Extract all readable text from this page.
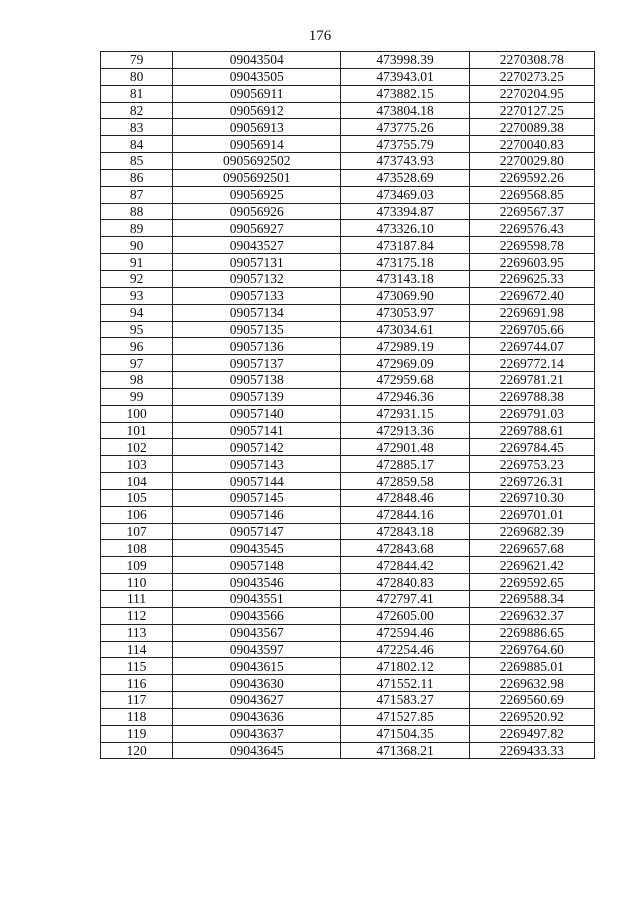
176
79	09043504	473998.39	2270308.78
80	09043505	473943.01	2270273.25
81	09056911	473882.15	2270204.95
82	09056912	473804.18	2270127.25
83	09056913	473775.26	2270089.38
84	09056914	473755.79	2270040.83
85	0905692502	473743.93	2270029.80
86	0905692501	473528.69	2269592.26
87	09056925	473469.03	2269568.85
88	09056926	473394.87	2269567.37
89	09056927	473326.10	2269576.43
90	09043527	473187.84	2269598.78
91	09057131	473175.18	2269603.95
92	09057132	473143.18	2269625.33
93	09057133	473069.90	2269672.40
94	09057134	473053.97	2269691.98
95	09057135	473034.61	2269705.66
96	09057136	472989.19	2269744.07
97	09057137	472969.09	2269772.14
98	09057138	472959.68	2269781.21
99	09057139	472946.36	2269788.38
100	09057140	472931.15	2269791.03
101	09057141	472913.36	2269788.61
102	09057142	472901.48	2269784.45
103	09057143	472885.17	2269753.23
104	09057144	472859.58	2269726.31
105	09057145	472848.46	2269710.30
106	09057146	472844.16	2269701.01
107	09057147	472843.18	2269682.39
108	09043545	472843.68	2269657.68
109	09057148	472844.42	2269621.42
110	09043546	472840.83	2269592.65
111	09043551	472797.41	2269588.34
112	09043566	472605.00	2269632.37
113	09043567	472594.46	2269886.65
114	09043597	472254.46	2269764.60
115	09043615	471802.12	2269885.01
116	09043630	471552.11	2269632.98
117	09043627	471583.27	2269560.69
118	09043636	471527.85	2269520.92
119	09043637	471504.35	2269497.82
120	09043645	471368.21	2269433.33
